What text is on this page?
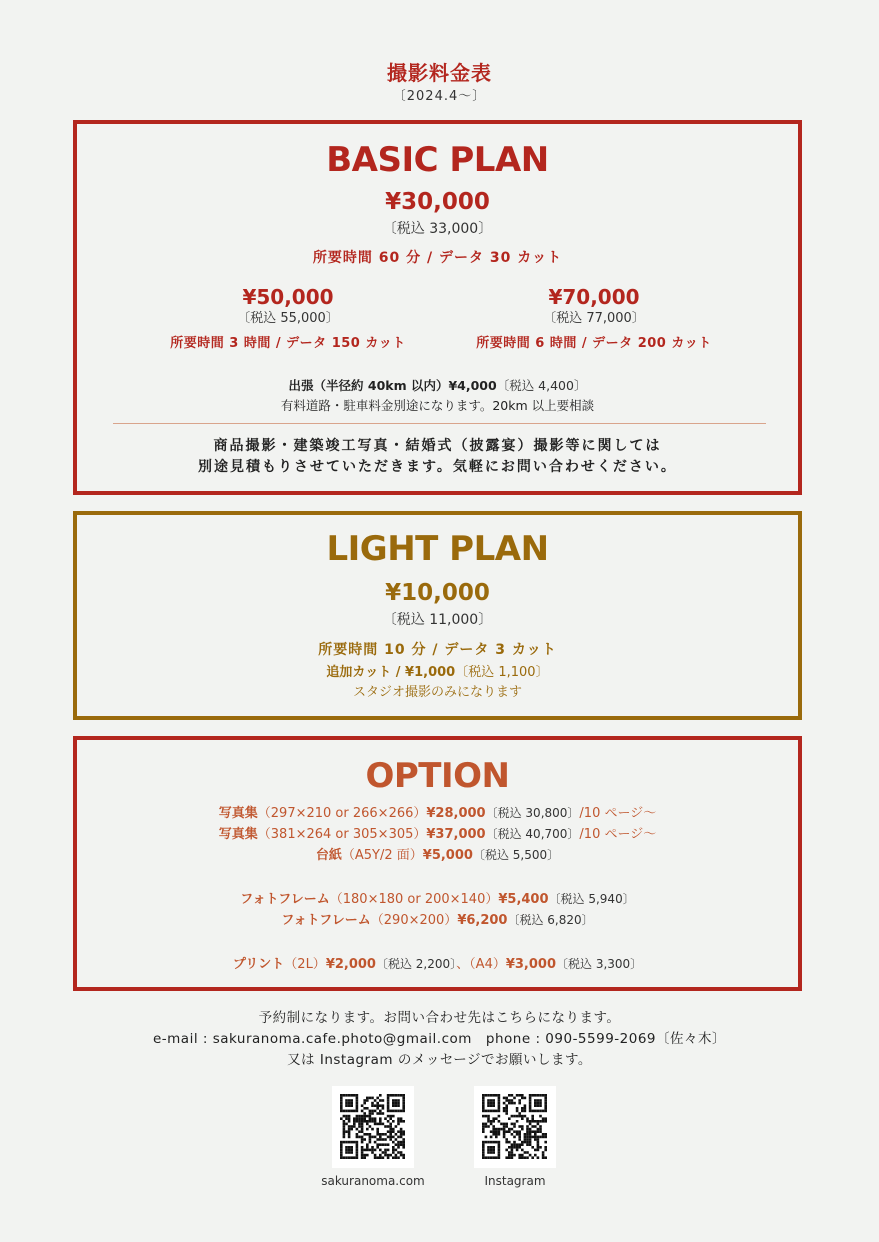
撮影料金表
〔2024.4～〕
BASIC PLAN
¥30,000
〔税込 33,000〕
所要時間 60 分 / データ 30 カット
¥50,000
〔税込 55,000〕
所要時間 3 時間 / データ 150 カット
¥70,000
〔税込 77,000〕
所要時間 6 時間 / データ 200 カット
出張（半径約 40km 以内）¥4,000〔税込 4,400〕
有料道路・駐車料金別途になります。20km 以上要相談
商品撮影・建築竣工写真・結婚式（披露宴）撮影等に関しては
別途見積もりさせていただきます。気軽にお問い合わせください。
LIGHT PLAN
¥10,000
〔税込 11,000〕
所要時間 10 分 / データ 3 カット
追加カット / ¥1,000〔税込 1,100〕
スタジオ撮影のみになります
OPTION
写真集（297×210 or 266×266）¥28,000〔税込 30,800〕/10 ページ～
写真集（381×264 or 305×305）¥37,000〔税込 40,700〕/10 ページ～
台紙（A5Y/2 面）¥5,000〔税込 5,500〕
フォトフレーム（180×180 or 200×140）¥5,400〔税込 5,940〕
フォトフレーム（290×200）¥6,200〔税込 6,820〕
プリント（2L）¥2,000〔税込 2,200〕、（A4）¥3,000〔税込 3,300〕
予約制になります。お問い合わせ先はこちらになります。
e-mail : sakuranoma.cafe.photo@gmail.com　phone : 090-5599-2069〔佐々木〕
又は Instagram のメッセージでお願いします。
sakuranoma.com	Instagram
